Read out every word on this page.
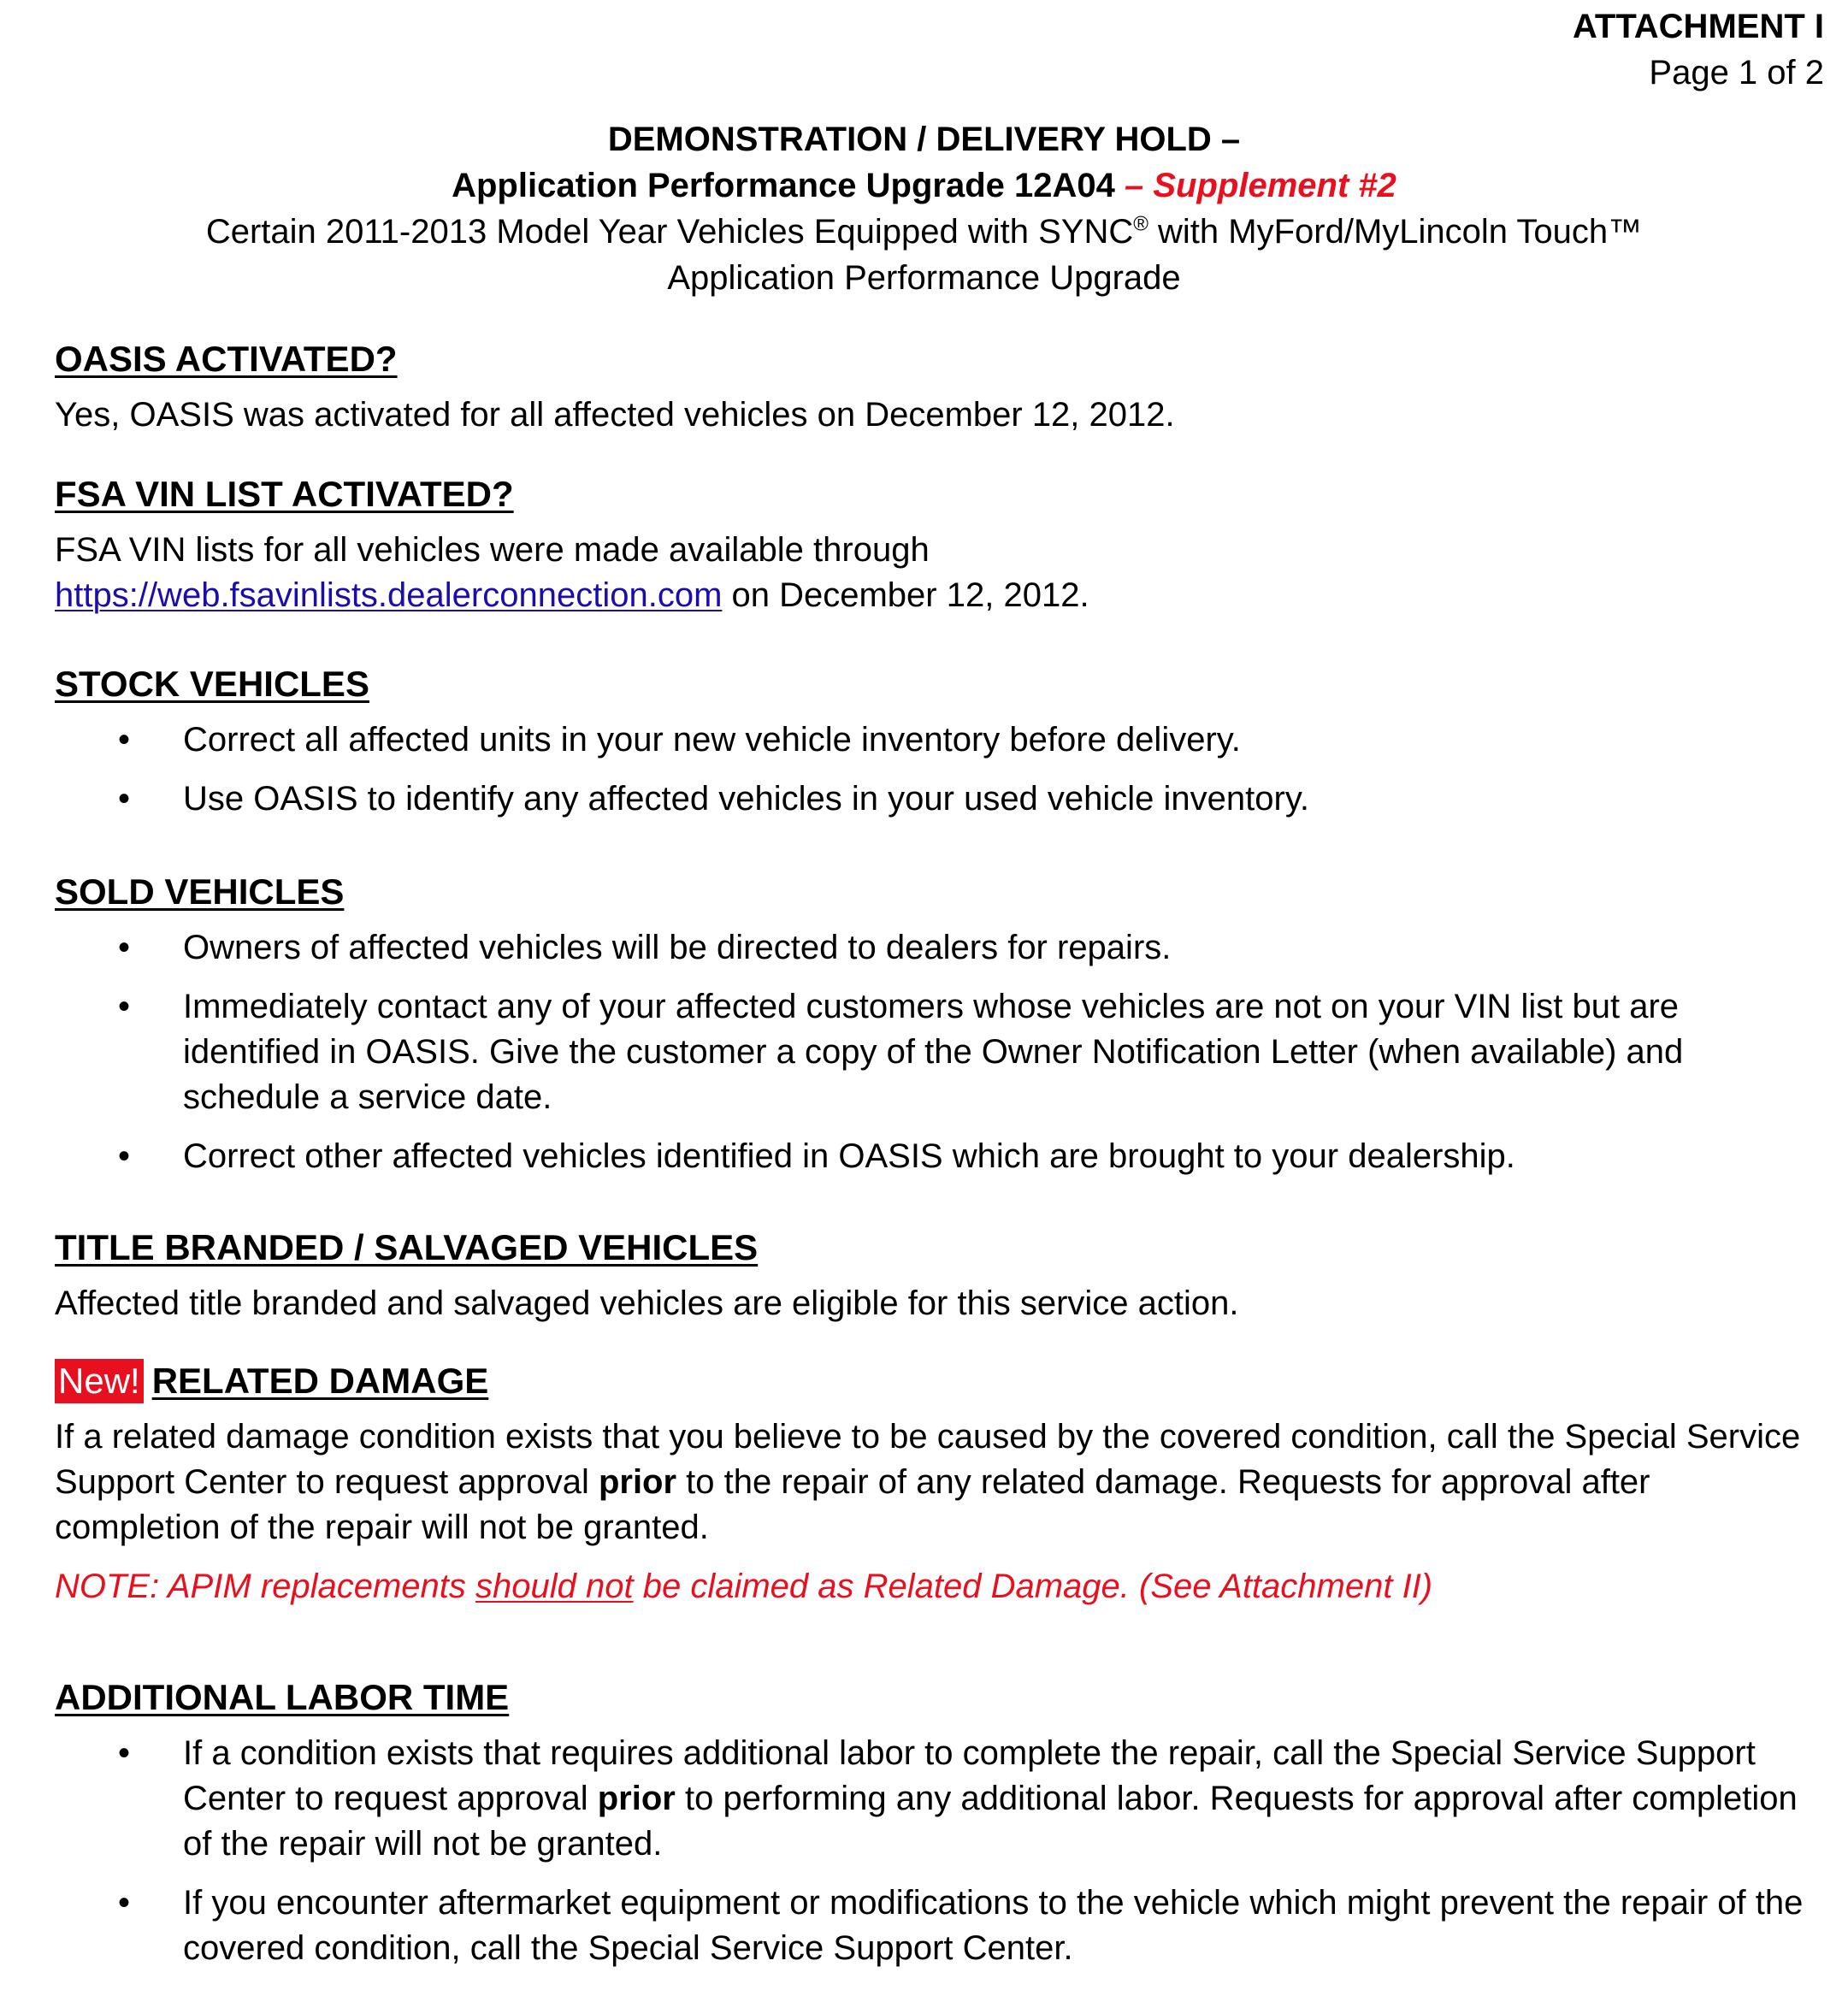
ATTACHMENT I
Page 1 of 2
DEMONSTRATION / DELIVERY HOLD –
Application Performance Upgrade 12A04 – Supplement #2
Certain 2011-2013 Model Year Vehicles Equipped with SYNC® with MyFord/MyLincoln Touch™
Application Performance Upgrade
OASIS ACTIVATED?

Yes, OASIS was activated for all affected vehicles on December 12, 2012.

FSA VIN LIST ACTIVATED?

FSA VIN lists for all vehicles were made available through
https://web.fsavinlists.dealerconnection.com on December 12, 2012.

STOCK VEHICLES
• Correct all affected units in your new vehicle inventory before delivery.
• Use OASIS to identify any affected vehicles in your used vehicle inventory.
SOLD VEHICLES
• Owners of affected vehicles will be directed to dealers for repairs.
• Immediately contact any of your affected customers whose vehicles are not on your VIN list but are identified in OASIS. Give the customer a copy of the Owner Notification Letter (when available) and schedule a service date.
• Correct other affected vehicles identified in OASIS which are brought to your dealership.
TITLE BRANDED / SALVAGED VEHICLES

Affected title branded and salvaged vehicles are eligible for this service action.

New! RELATED DAMAGE

If a related damage condition exists that you believe to be caused by the covered condition, call the Special Service Support Center to request approval prior to the repair of any related damage. Requests for approval after completion of the repair will not be granted.

NOTE: APIM replacements should not be claimed as Related Damage. (See Attachment II)

ADDITIONAL LABOR TIME
• If a condition exists that requires additional labor to complete the repair, call the Special Service Support Center to request approval prior to performing any additional labor. Requests for approval after completion of the repair will not be granted.
• If you encounter aftermarket equipment or modifications to the vehicle which might prevent the repair of the covered condition, call the Special Service Support Center.
